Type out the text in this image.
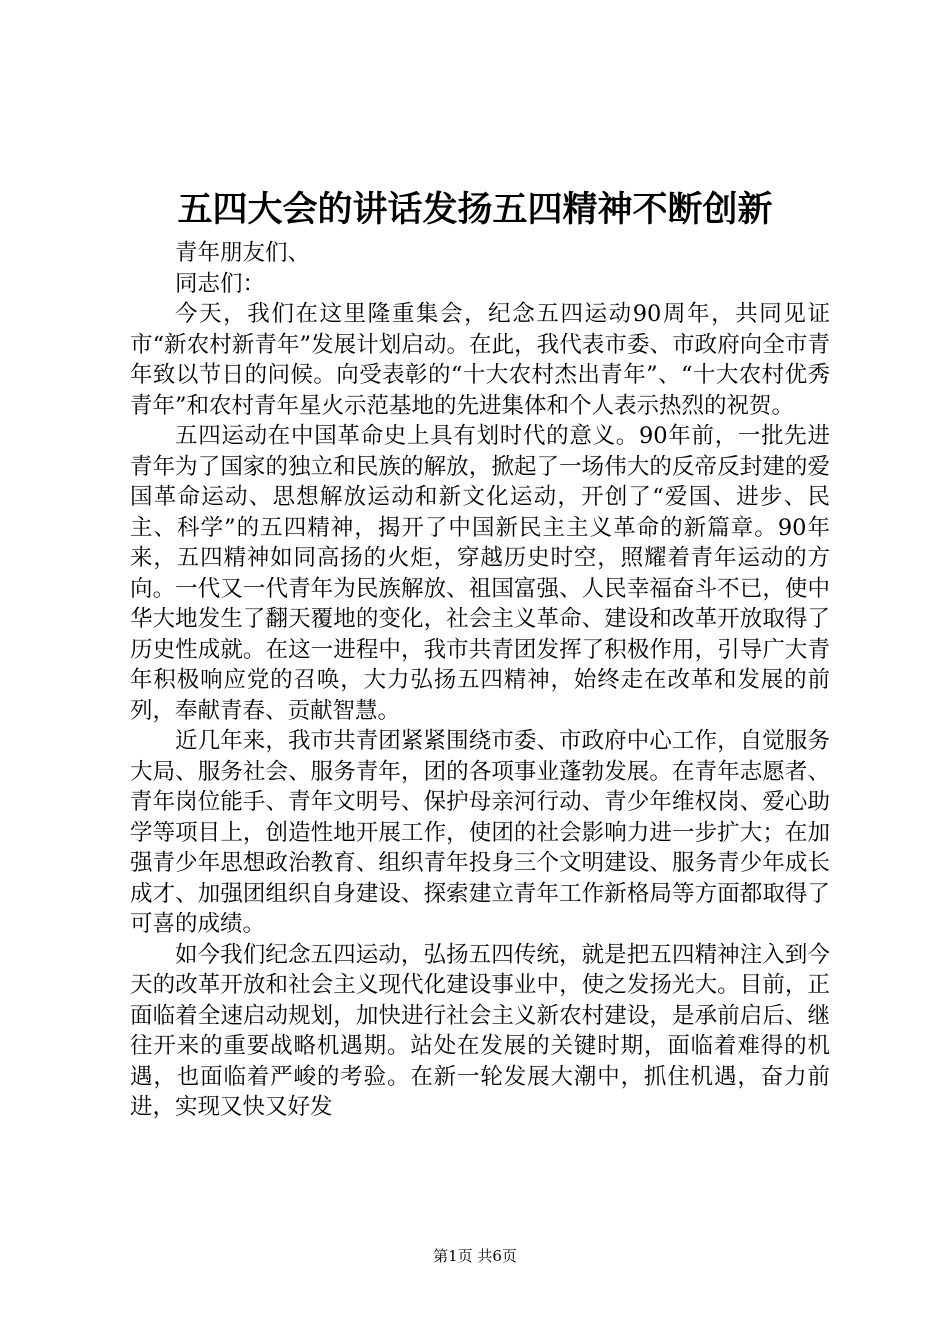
五四大会的讲话发扬五四精神不断创新

青年朋友们、

同志们：

今天，我们在这里隆重集会，纪念五四运动90周年，共同见证市“新农村新青年”发展计划启动。在此，我代表市委、市政府向全市青年致以节日的问候。向受表彰的“十大农村杰出青年”、“十大农村优秀青年”和农村青年星火示范基地的先进集体和个人表示热烈的祝贺。

五四运动在中国革命史上具有划时代的意义。90年前，一批先进青年为了国家的独立和民族的解放，掀起了一场伟大的反帝反封建的爱国革命运动、思想解放运动和新文化运动，开创了“爱国、进步、民主、科学”的五四精神，揭开了中国新民主主义革命的新篇章。90年来，五四精神如同高扬的火炬，穿越历史时空，照耀着青年运动的方向。一代又一代青年为民族解放、祖国富强、人民幸福奋斗不已，使中华大地发生了翻天覆地的变化，社会主义革命、建设和改革开放取得了历史性成就。在这一进程中，我市共青团发挥了积极作用，引导广大青年积极响应党的召唤，大力弘扬五四精神，始终走在改革和发展的前列，奉献青春、贡献智慧。

近几年来，我市共青团紧紧围绕市委、市政府中心工作，自觉服务大局、服务社会、服务青年，团的各项事业蓬勃发展。在青年志愿者、青年岗位能手、青年文明号、保护母亲河行动、青少年维权岗、爱心助学等项目上，创造性地开展工作，使团的社会影响力进一步扩大；在加强青少年思想政治教育、组织青年投身三个文明建设、服务青少年成长成才、加强团组织自身建设、探索建立青年工作新格局等方面都取得了可喜的成绩。

如今我们纪念五四运动，弘扬五四传统，就是把五四精神注入到今天的改革开放和社会主义现代化建设事业中，使之发扬光大。目前，正面临着全速启动规划，加快进行社会主义新农村建设，是承前启后、继往开来的重要战略机遇期。站处在发展的关键时期，面临着难得的机遇，也面临着严峻的考验。在新一轮发展大潮中，抓住机遇，奋力前进，实现又快又好发

第1页 共6页
